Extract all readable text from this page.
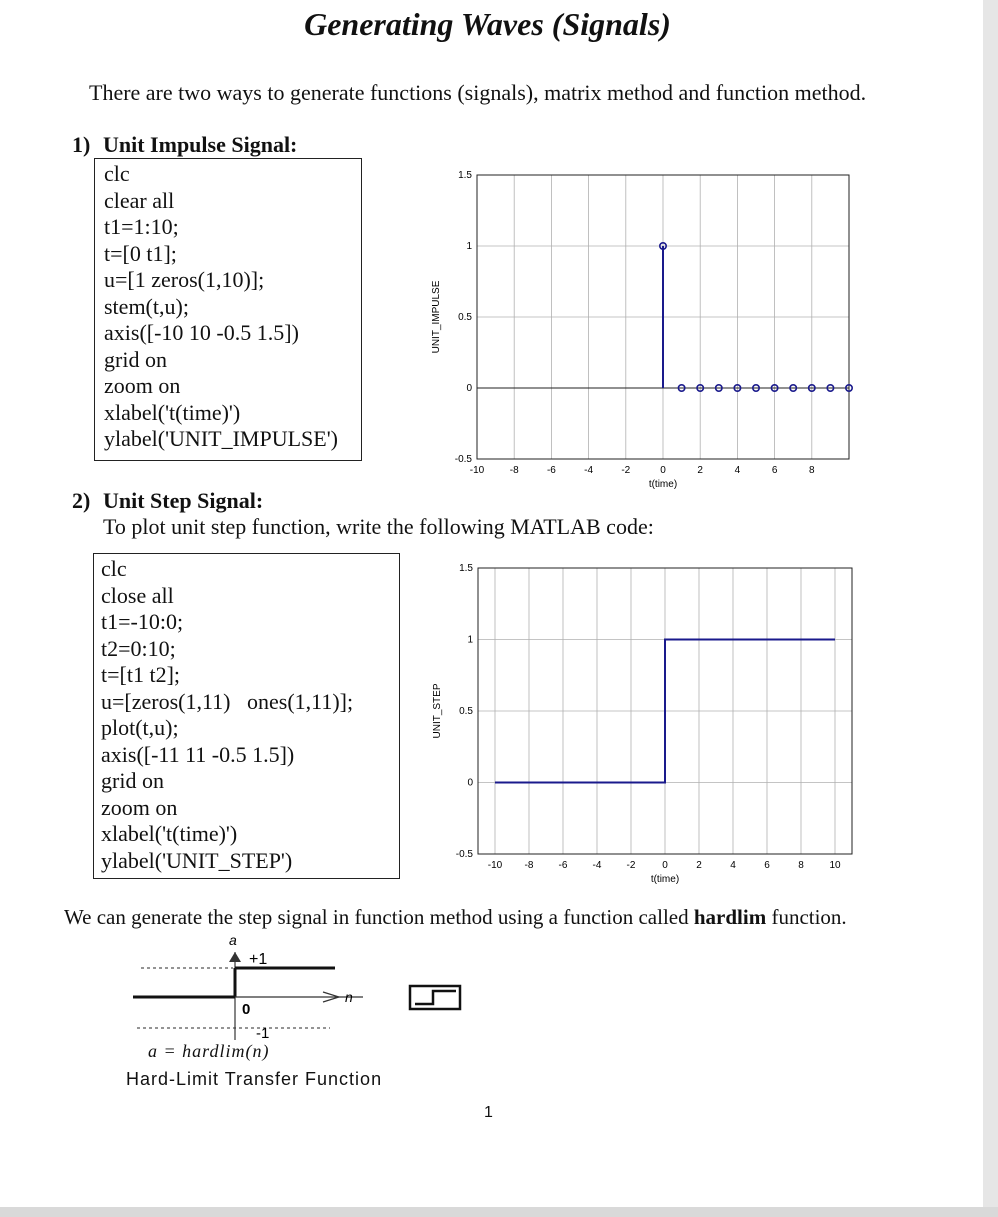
Generating Waves (Signals)
There are two ways to generate functions (signals), matrix method and function method.
1) Unit Impulse Signal:
clc
clear all
t1=1:10;
t=[0 t1];
u=[1 zeros(1,10)];
stem(t,u);
axis([-10 10 -0.5 1.5])
grid on
zoom on
xlabel('t(time)')
ylabel('UNIT_IMPULSE')
-10	-8	-6	-4	-2	0	2	4	6	8
-0.5
0
0.5
1
1.5
t(time)
UNIT_IMPULSE
2) Unit Step Signal:
To plot unit step function, write the following MATLAB code:
clc
close all
t1=-10:0;
t2=0:10;
t=[t1 t2];
u=[zeros(1,11)   ones(1,11)];
plot(t,u);
axis([-11 11 -0.5 1.5])
grid on
zoom on
xlabel('t(time)')
ylabel('UNIT_STEP')	-10 -8	-6	-4	-2	0	2	4	6	8	10
-0.5
0
0.5
1
1.5
t(time)
UNIT_STEP
We can generate the step signal in function method using a function called hardlim function.
a
+1
n
0
-1
a = hardlim(n)
Hard-Limit Transfer Function
1
